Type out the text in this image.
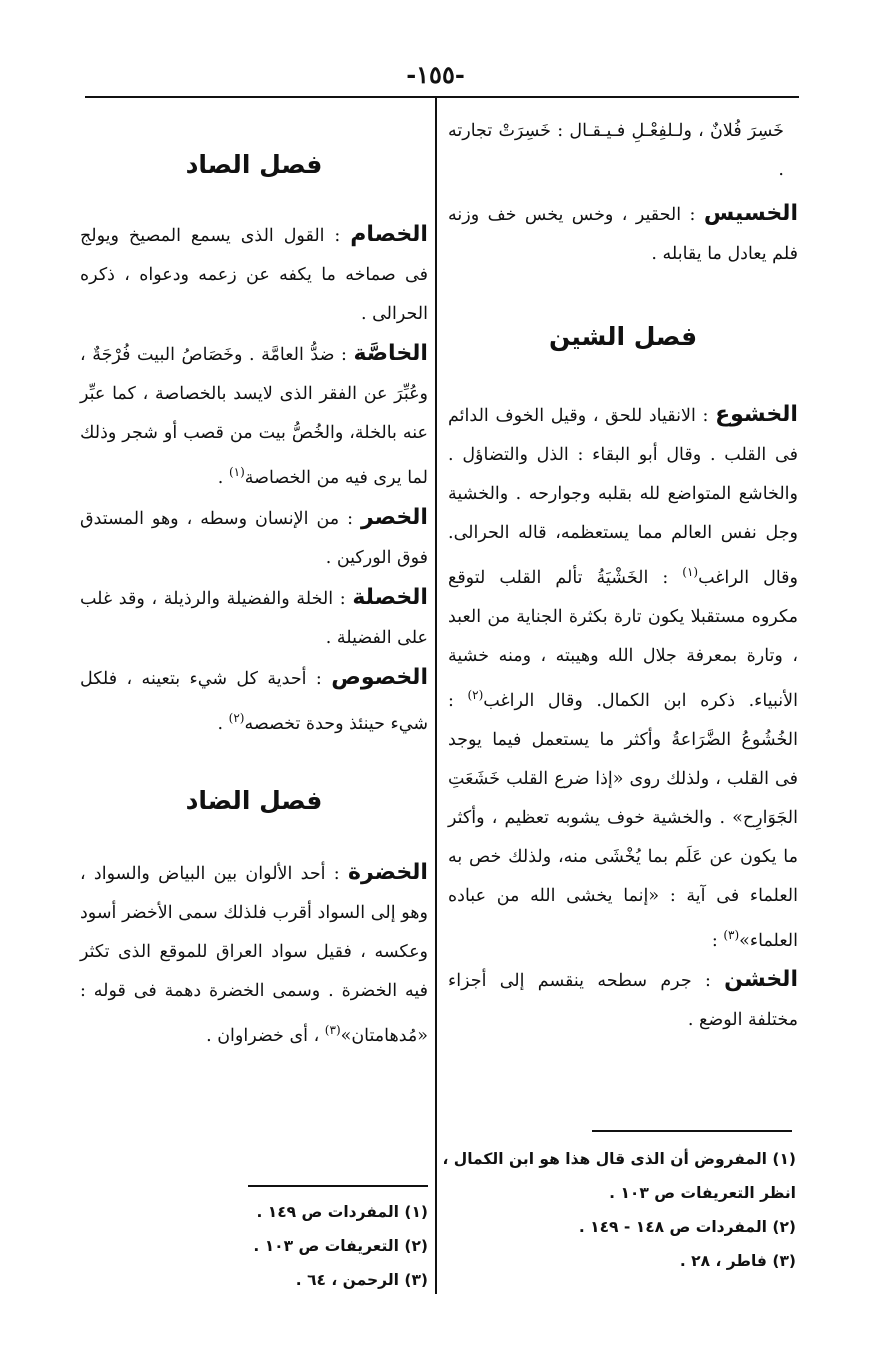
-١٥٥-

خَسِرَ فُلانٌ ، ولـلفِعْـلِ فـيـقـال : خَسِرَتْ تجارته .

الخسيس : الحقير ، وخس يخس خف وزنه فلم يعادل ما يقابله .

فصل الشين

الخشوع : الانقياد للحق ، وقيل الخوف الدائم فى القلب . وقال أبو البقاء : الذل والتضاؤل . والخاشع المتواضع لله بقلبه وجوارحه . والخشية وجل نفس العالم مما يستعظمه، قاله الحرالى. وقال الراغب$^{(١)}$ : الخَشْيَةُ تألم القلب لتوقع مكروه مستقبلا يكون تارة بكثرة الجناية من العبد ، وتارة بمعرفة جلال الله وهيبته ، ومنه خشية الأنبياء. ذكره ابن الكمال. وقال الراغب$^{(٢)}$ : الخُشُوعُ الضَّرَاعةُ وأكثر ما يستعمل فيما يوجد فى القلب ، ولذلك روى «إذا ضرع القلب خَشَعَتِ الجَوَارِح» . والخشية خوف يشوبه تعظيم ، وأكثر ما يكون عن عَلَم بما يُخْشَى منه، ولذلك خص به العلماء فى آية : «إنما يخشى الله من عباده العلماء»$^{(٣)}$ :

الخشن : جرم سطحه ينقسم إلى أجزاء مختلفة الوضع .

(١) المفروض أن الذى قال هذا هو ابن الكمال ، انظر التعريفات ص ١٠٣ .

(٢) المفردات ص ١٤٨ - ١٤٩ .

(٣) فاطر ، ٢٨ .

فصل الصاد

الخصام : القول الذى يسمع المصيخ ويولج فى صماخه ما يكفه عن زعمه ودعواه ، ذكره الحرالى .

الخاصَّة : ضدُّ العامَّة . وخَصَاصُ البيت فُرْجَةٌ ، وعُبِّرَ عن الفقر الذى لايسد بالخصاصة ، كما عبِّر عنه بالخلة، والخُصُّ بيت من قصب أو شجر وذلك لما يرى فيه من الخصاصة$^{(١)}$ .

الخصر : من الإنسان وسطه ، وهو المستدق فوق الوركين .

الخصلة : الخلة والفضيلة والرذيلة ، وقد غلب على الفضيلة .

الخصوص : أحدية كل شيء بتعينه ، فلكل شيء حينئذ وحدة تخصصه$^{(٢)}$ .

فصل الضاد

الخضرة : أحد الألوان بين البياض والسواد ، وهو إلى السواد أقرب فلذلك سمى الأخضر أسود وعكسه ، فقيل سواد العراق للموقع الذى تكثر فيه الخضرة . وسمى الخضرة دهمة فى قوله : «مُدهامتان»$^{(٣)}$ ، أى خضراوان .

(١) المفردات ص ١٤٩ .

(٢) التعريفات ص ١٠٣ .

(٣) الرحمن ، ٦٤ .
